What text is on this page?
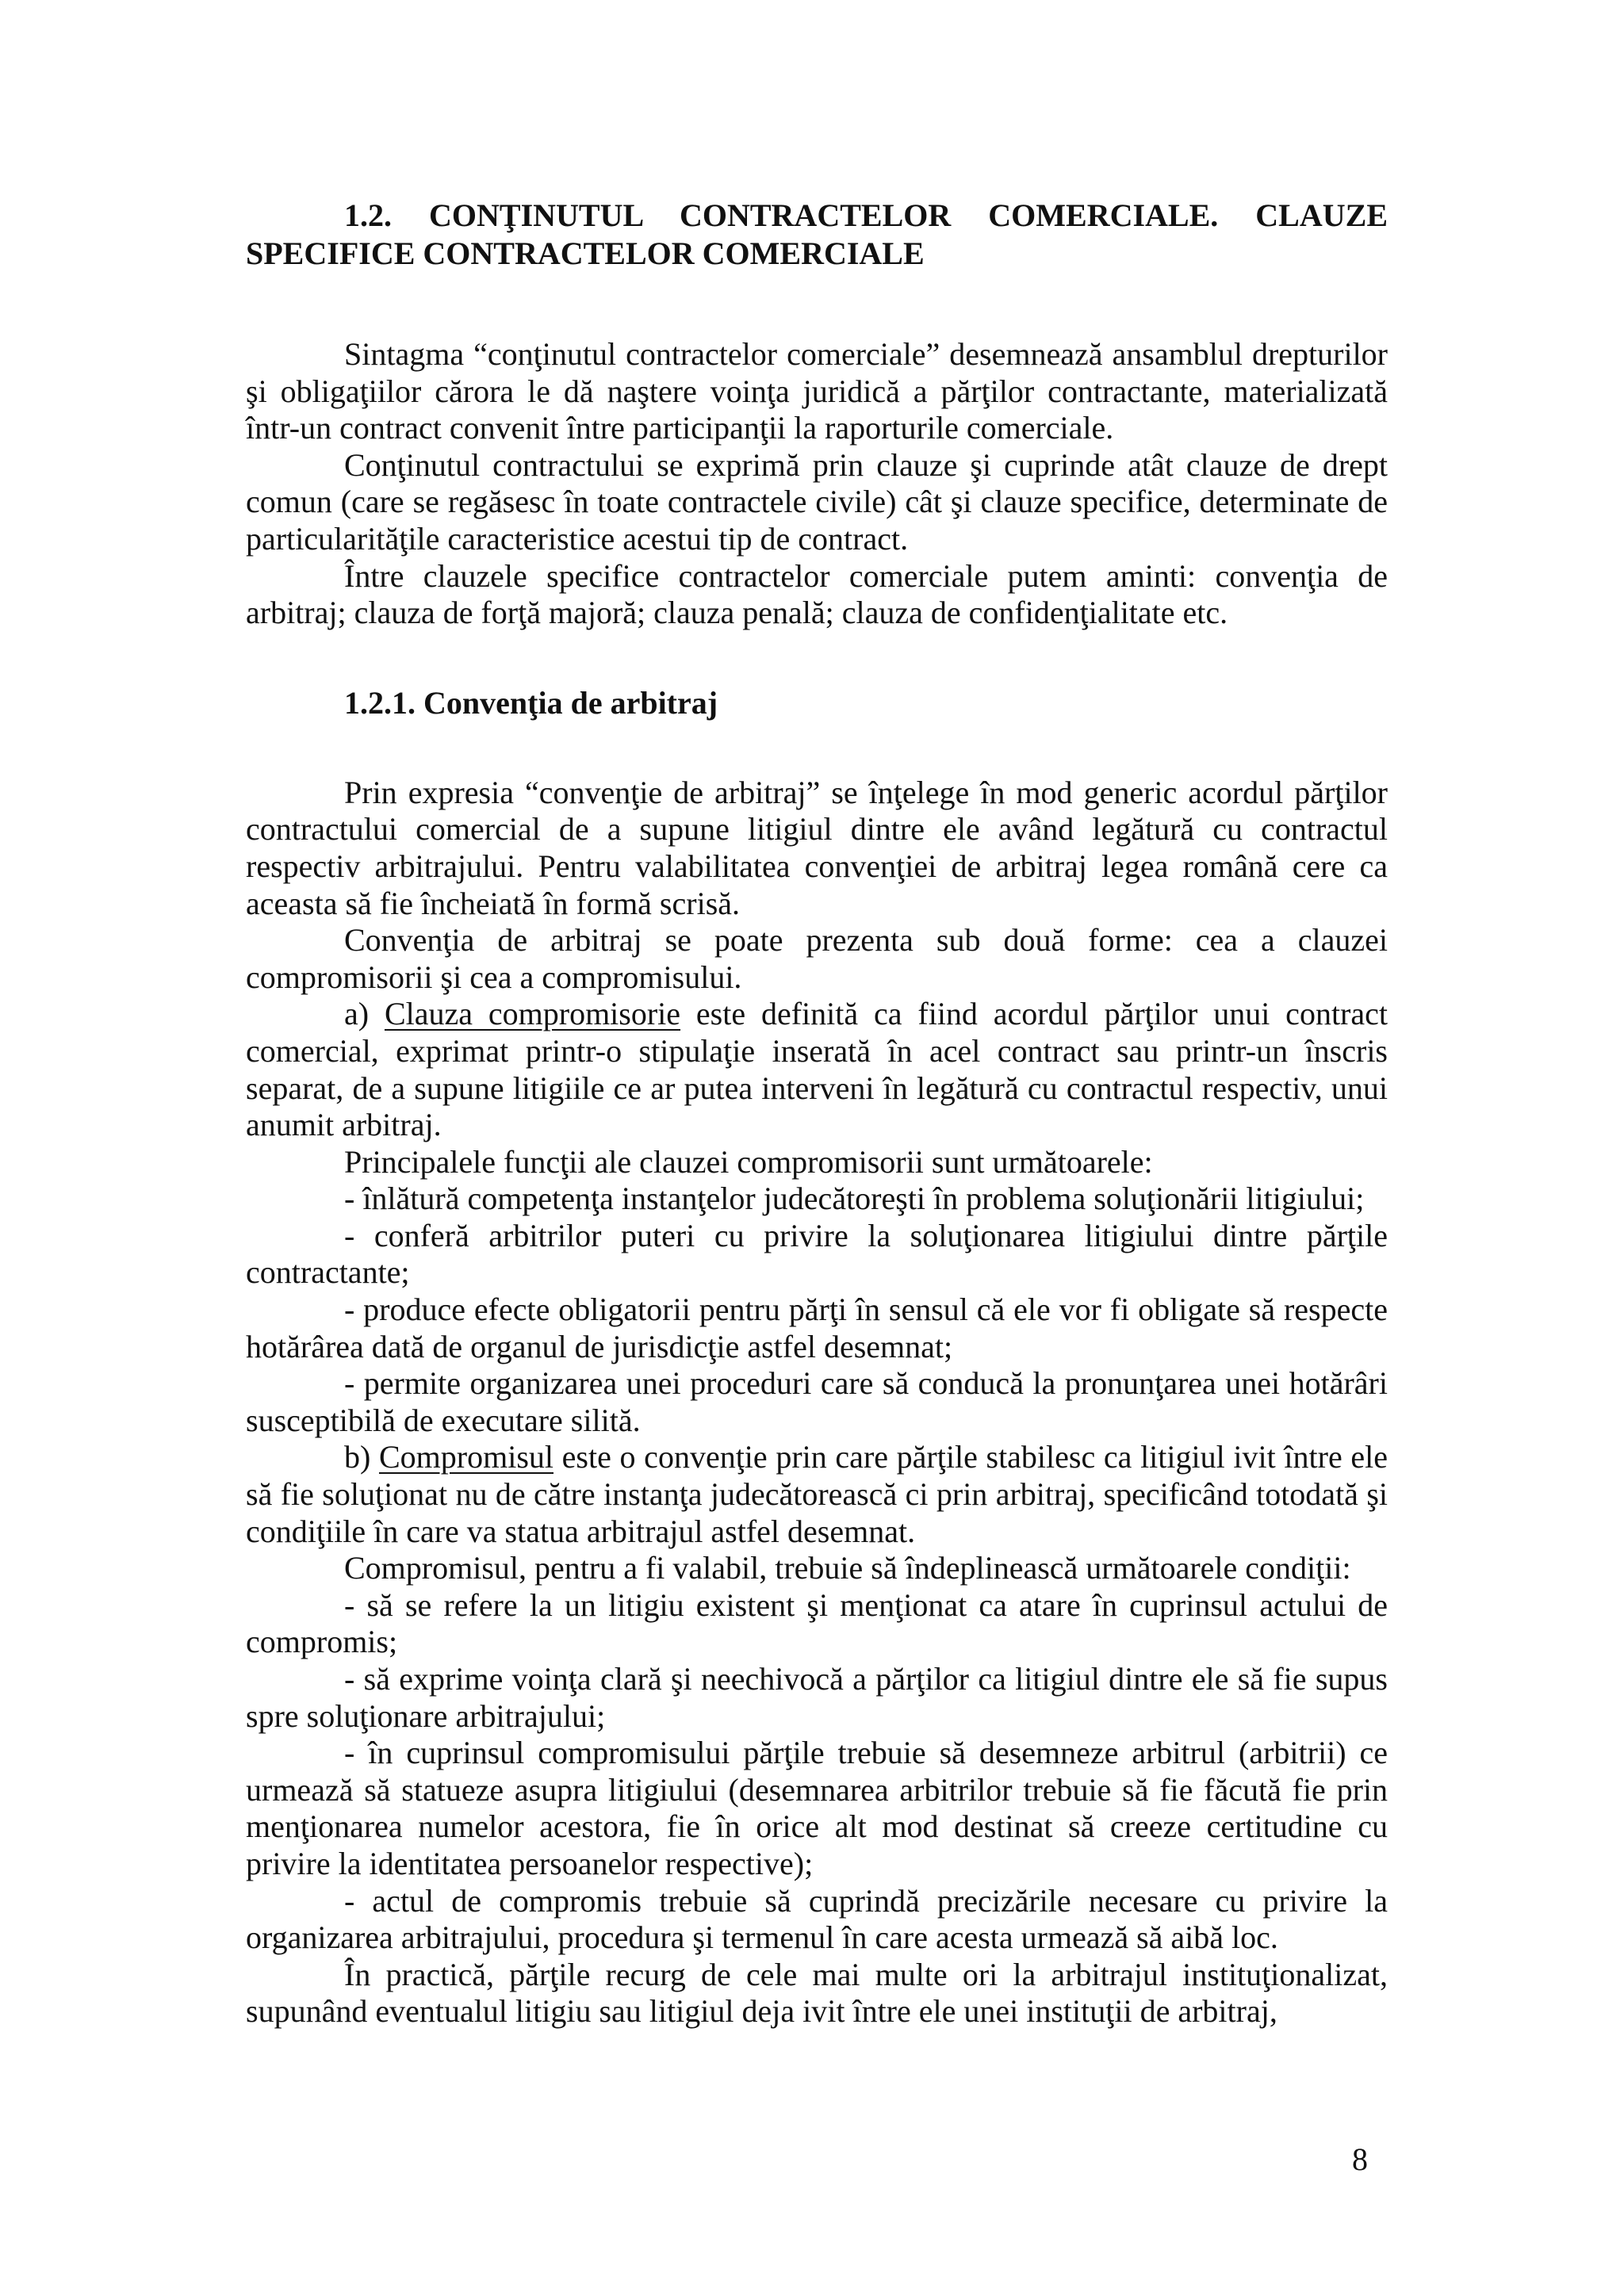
1.2. CONŢINUTUL CONTRACTELOR COMERCIALE. CLAUZE
SPECIFICE CONTRACTELOR COMERCIALE

Sintagma “conţinutul contractelor comerciale” desemnează ansamblul drepturilor şi obligaţiilor cărora le dă naştere voinţa juridică a părţilor contractante, materializată într-un contract convenit între participanţii la raporturile comerciale.

Conţinutul contractului se exprimă prin clauze şi cuprinde atât clauze de drept comun (care se regăsesc în toate contractele civile) cât şi clauze specifice, determinate de particularităţile caracteristice acestui tip de contract.

Între clauzele specifice contractelor comerciale putem aminti: convenţia de arbitraj; clauza de forţă majoră; clauza penală; clauza de confidenţialitate etc.

1.2.1. Convenţia de arbitraj

Prin expresia “convenţie de arbitraj” se înţelege în mod generic acordul părţilor contractului comercial de a supune litigiul dintre ele având legătură cu contractul respectiv arbitrajului. Pentru valabilitatea convenţiei de arbitraj legea română cere ca aceasta să fie încheiată în formă scrisă.

Convenţia de arbitraj se poate prezenta sub două forme: cea a clauzei compromisorii şi cea a compromisului.

a) Clauza compromisorie este definită ca fiind acordul părţilor unui contract comercial, exprimat printr-o stipulaţie inserată în acel contract sau printr-un înscris separat, de a supune litigiile ce ar putea interveni în legătură cu contractul respectiv, unui anumit arbitraj.

Principalele funcţii ale clauzei compromisorii sunt următoarele:

- înlătură competenţa instanţelor judecătoreşti în problema soluţionării litigiului;

- conferă arbitrilor puteri cu privire la soluţionarea litigiului dintre părţile contractante;

- produce efecte obligatorii pentru părţi în sensul că ele vor fi obligate să respecte hotărârea dată de organul de jurisdicţie astfel desemnat;

- permite organizarea unei proceduri care să conducă la pronunţarea unei hotărâri susceptibilă de executare silită.

b) Compromisul este o convenţie prin care părţile stabilesc ca litigiul ivit între ele să fie soluţionat nu de către instanţa judecătorească ci prin arbitraj, specificând totodată şi condiţiile în care va statua arbitrajul astfel desemnat.

Compromisul, pentru a fi valabil, trebuie să îndeplinească următoarele condiţii:

- să se refere la un litigiu existent şi menţionat ca atare în cuprinsul actului de compromis;

- să exprime voinţa clară şi neechivocă a părţilor ca litigiul dintre ele să fie supus spre soluţionare arbitrajului;

- în cuprinsul compromisului părţile trebuie să desemneze arbitrul (arbitrii) ce urmează să statueze asupra litigiului (desemnarea arbitrilor trebuie să fie făcută fie prin menţionarea numelor acestora, fie în orice alt mod destinat să creeze certitudine cu privire la identitatea persoanelor respective);

- actul de compromis trebuie să cuprindă precizările necesare cu privire la organizarea arbitrajului, procedura şi termenul în care acesta urmează să aibă loc.

În practică, părţile recurg de cele mai multe ori la arbitrajul instituţionalizat, supunând eventualul litigiu sau litigiul deja ivit între ele unei instituţii de arbitraj,

8
